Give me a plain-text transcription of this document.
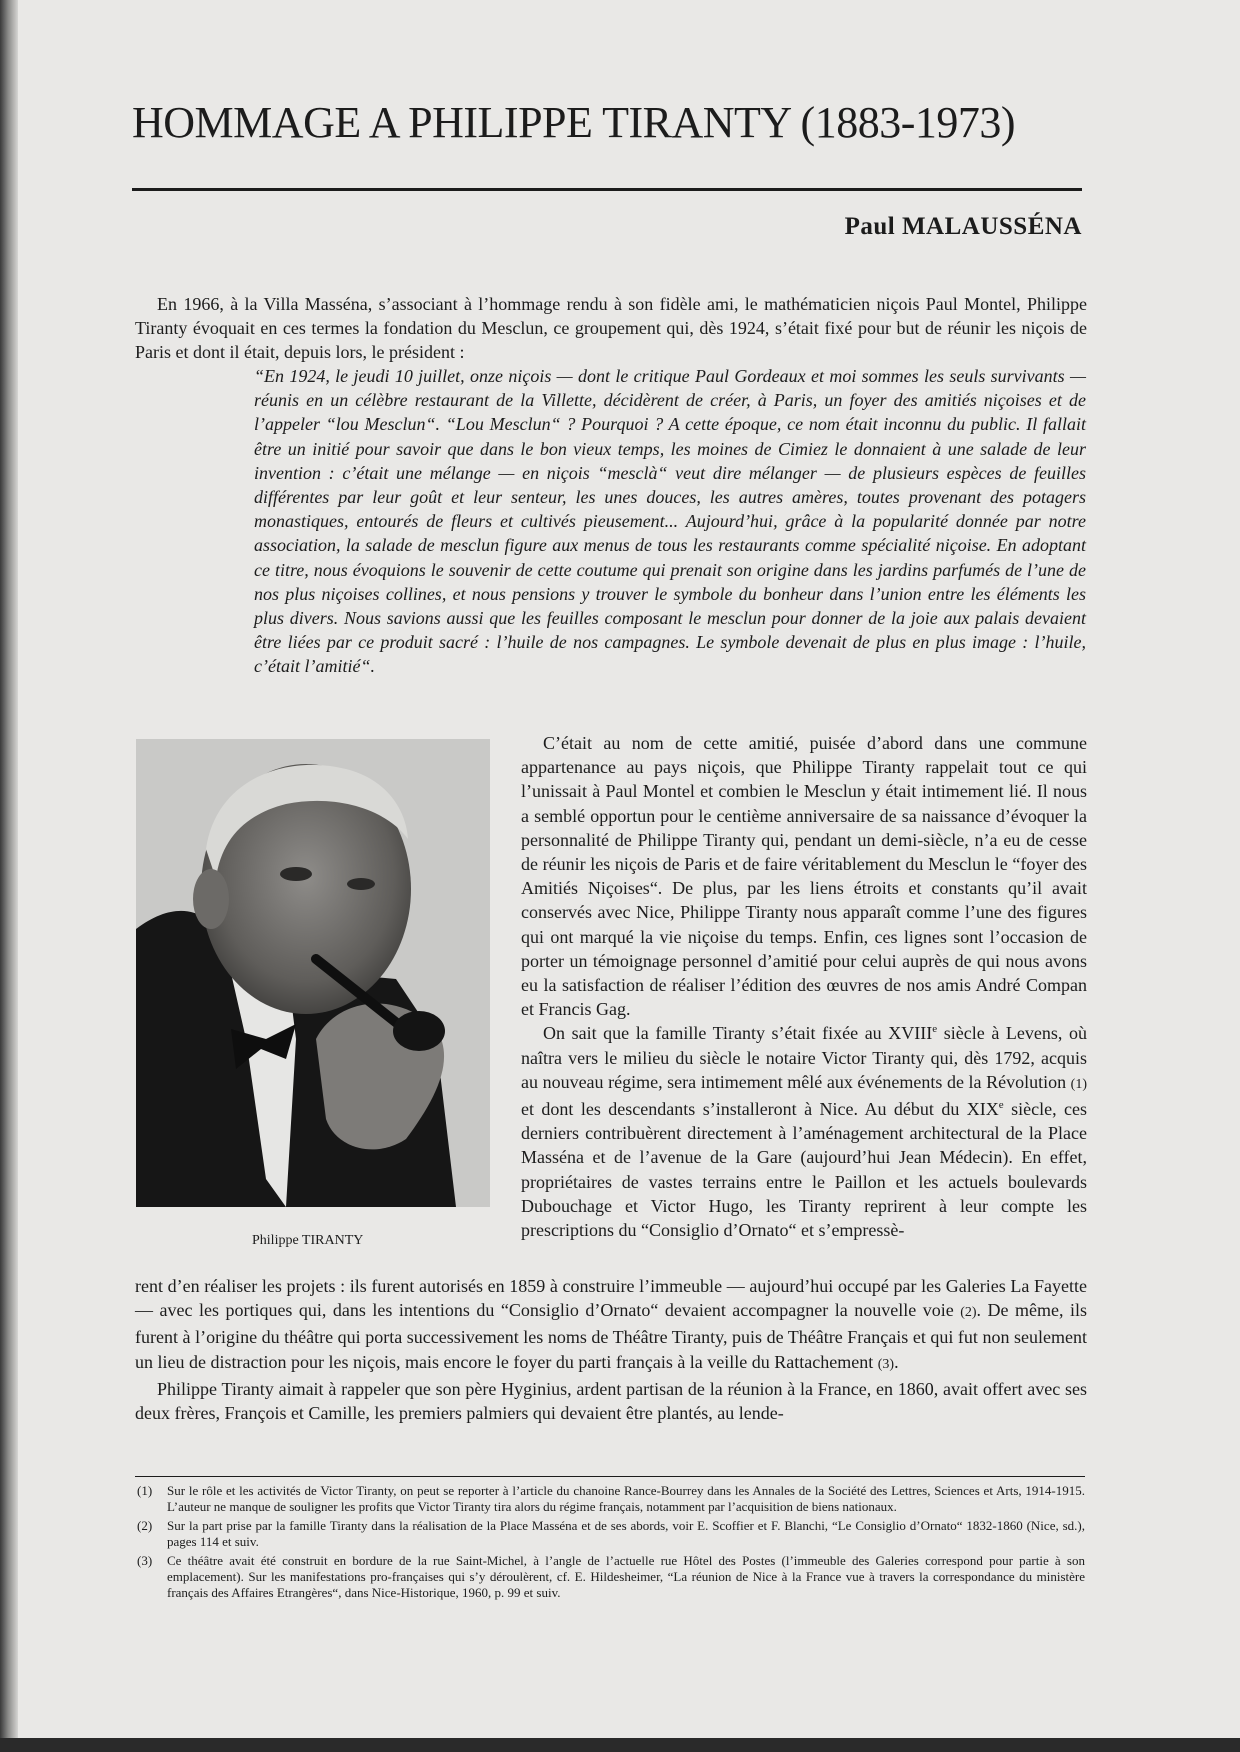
HOMMAGE A PHILIPPE TIRANTY (1883-1973)
Paul MALAUSSÉNA

En 1966, à la Villa Masséna, s’associant à l’hommage rendu à son fidèle ami, le mathématicien niçois Paul Montel, Philippe Tiranty évoquait en ces termes la fondation du Mesclun, ce groupement qui, dès 1924, s’était fixé pour but de réunir les niçois de Paris et dont il était, depuis lors, le président :

“En 1924, le jeudi 10 juillet, onze niçois — dont le critique Paul Gordeaux et moi sommes les seuls survivants — réunis en un célèbre restaurant de la Villette, décidèrent de créer, à Paris, un foyer des amitiés niçoises et de l’appeler “lou Mesclun“. “Lou Mesclun“ ? Pourquoi ? A cette époque, ce nom était inconnu du public. Il fallait être un initié pour savoir que dans le bon vieux temps, les moines de Cimiez le donnaient à une salade de leur invention : c’était une mélange — en niçois “mesclà“ veut dire mélanger — de plusieurs espèces de feuilles différentes par leur goût et leur senteur, les unes douces, les autres amères, toutes provenant des potagers monastiques, entourés de fleurs et cultivés pieusement... Aujourd’hui, grâce à la popularité donnée par notre association, la salade de mesclun figure aux menus de tous les restaurants comme spécialité niçoise. En adoptant ce titre, nous évoquions le souvenir de cette coutume qui prenait son origine dans les jardins parfumés de l’une de nos plus niçoises collines, et nous pensions y trouver le symbole du bonheur dans l’union entre les éléments les plus divers. Nous savions aussi que les feuilles composant le mesclun pour donner de la joie aux palais devaient être liées par ce produit sacré : l’huile de nos campagnes. Le symbole devenait de plus en plus image : l’huile, c’était l’amitié“.

Philippe TIRANTY

C’était au nom de cette amitié, puisée d’abord dans une commune appartenance au pays niçois, que Philippe Tiranty rappelait tout ce qui l’unissait à Paul Montel et combien le Mesclun y était intimement lié. Il nous a semblé opportun pour le centième anniversaire de sa naissance d’évoquer la personnalité de Philippe Tiranty qui, pendant un demi-siècle, n’a eu de cesse de réunir les niçois de Paris et de faire véritablement du Mesclun le “foyer des Amitiés Niçoises“. De plus, par les liens étroits et constants qu’il avait conservés avec Nice, Philippe Tiranty nous apparaît comme l’une des figures qui ont marqué la vie niçoise du temps. Enfin, ces lignes sont l’occasion de porter un témoignage personnel d’amitié pour celui auprès de qui nous avons eu la satisfaction de réaliser l’édition des œuvres de nos amis André Compan et Francis Gag.

On sait que la famille Tiranty s’était fixée au XVIIIe siècle à Levens, où naîtra vers le milieu du siècle le notaire Victor Tiranty qui, dès 1792, acquis au nouveau régime, sera intimement mêlé aux événements de la Révolution (1) et dont les descendants s’installeront à Nice. Au début du XIXe siècle, ces derniers contribuèrent directement à l’aménagement architectural de la Place Masséna et de l’avenue de la Gare (aujourd’hui Jean Médecin). En effet, propriétaires de vastes terrains entre le Paillon et les actuels boulevards Dubouchage et Victor Hugo, les Tiranty reprirent à leur compte les prescriptions du “Consiglio d’Ornato“ et s’empressè-

rent d’en réaliser les projets : ils furent autorisés en 1859 à construire l’immeuble — aujourd’hui occupé par les Galeries La Fayette — avec les portiques qui, dans les intentions du “Consiglio d’Ornato“ devaient accompagner la nouvelle voie (2). De même, ils furent à l’origine du théâtre qui porta successivement les noms de Théâtre Tiranty, puis de Théâtre Français et qui fut non seulement un lieu de distraction pour les niçois, mais encore le foyer du parti français à la veille du Rattachement (3).

Philippe Tiranty aimait à rappeler que son père Hyginius, ardent partisan de la réunion à la France, en 1860, avait offert avec ses deux frères, François et Camille, les premiers palmiers qui devaient être plantés, au lende-

(1) Sur le rôle et les activités de Victor Tiranty, on peut se reporter à l’article du chanoine Rance-Bourrey dans les Annales de la Société des Lettres, Sciences et Arts, 1914-1915. L’auteur ne manque de souligner les profits que Victor Tiranty tira alors du régime français, notamment par l’acquisition de biens nationaux.

(2) Sur la part prise par la famille Tiranty dans la réalisation de la Place Masséna et de ses abords, voir E. Scoffier et F. Blanchi, “Le Consiglio d’Ornato“ 1832-1860 (Nice, sd.), pages 114 et suiv.

(3) Ce théâtre avait été construit en bordure de la rue Saint-Michel, à l’angle de l’actuelle rue Hôtel des Postes (l’immeuble des Galeries correspond pour partie à son emplacement). Sur les manifestations pro-françaises qui s’y déroulèrent, cf. E. Hildesheimer, “La réunion de Nice à la France vue à travers la correspondance du ministère français des Affaires Etrangères“, dans Nice-Historique, 1960, p. 99 et suiv.
